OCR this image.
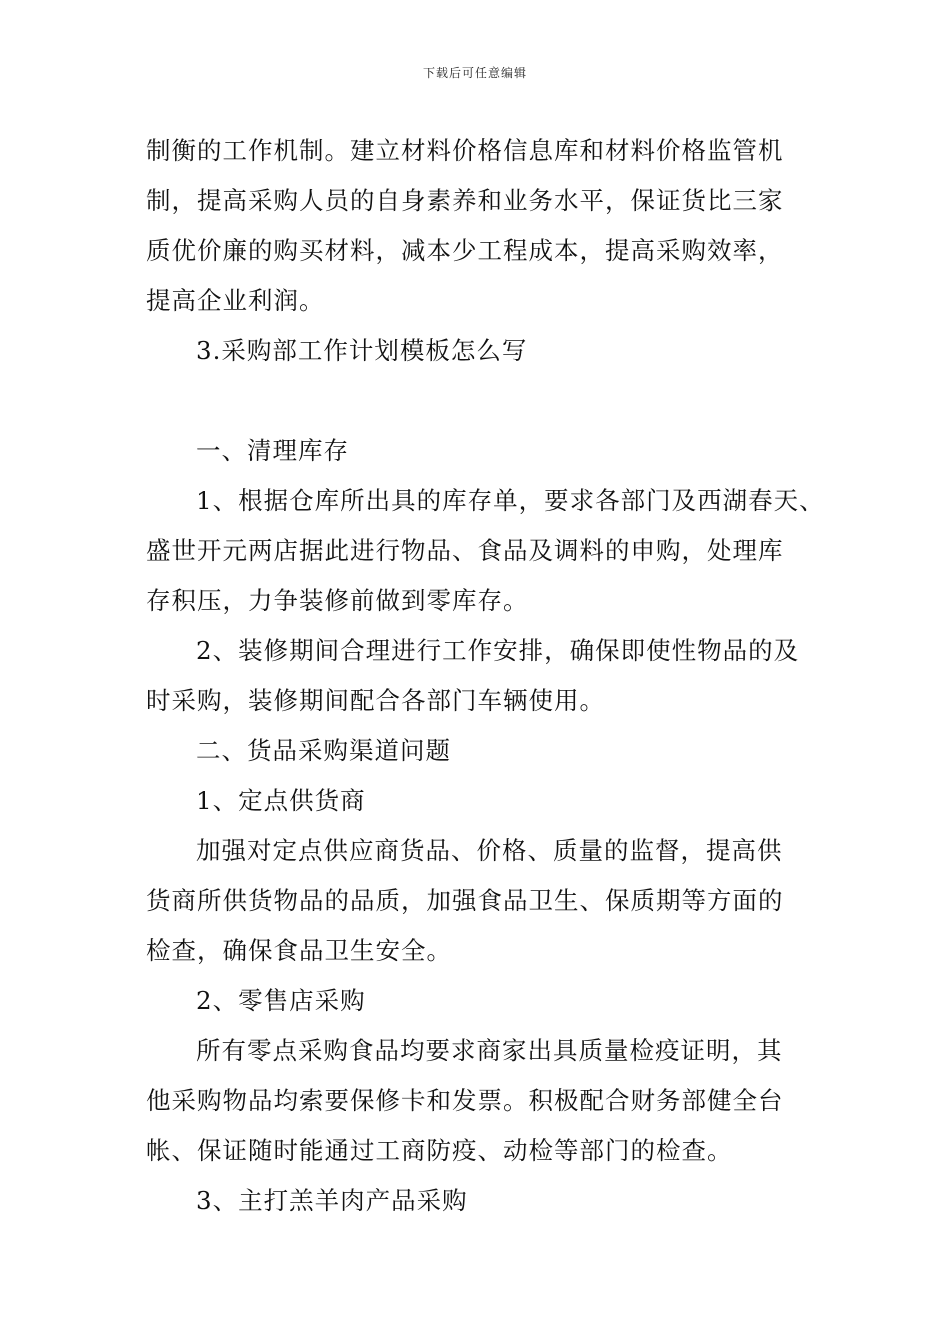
下载后可任意编辑

制衡的工作机制。建立材料价格信息库和材料价格监管机

制，提高采购人员的自身素养和业务水平，保证货比三家

质优价廉的购买材料，减本少工程成本，提高采购效率，

提高企业利润。

3.采购部工作计划模板怎么写

一、清理库存

1、根据仓库所出具的库存单，要求各部门及西湖春天、

盛世开元两店据此进行物品、食品及调料的申购，处理库

存积压，力争装修前做到零库存。

2、装修期间合理进行工作安排，确保即使性物品的及

时采购，装修期间配合各部门车辆使用。

二、货品采购渠道问题

1、定点供货商

加强对定点供应商货品、价格、质量的监督，提高供

货商所供货物品的品质，加强食品卫生、保质期等方面的

检查，确保食品卫生安全。

2、零售店采购

所有零点采购食品均要求商家出具质量检疫证明，其

他采购物品均索要保修卡和发票。积极配合财务部健全台

帐、保证随时能通过工商防疫、动检等部门的检查。

3、主打羔羊肉产品采购
